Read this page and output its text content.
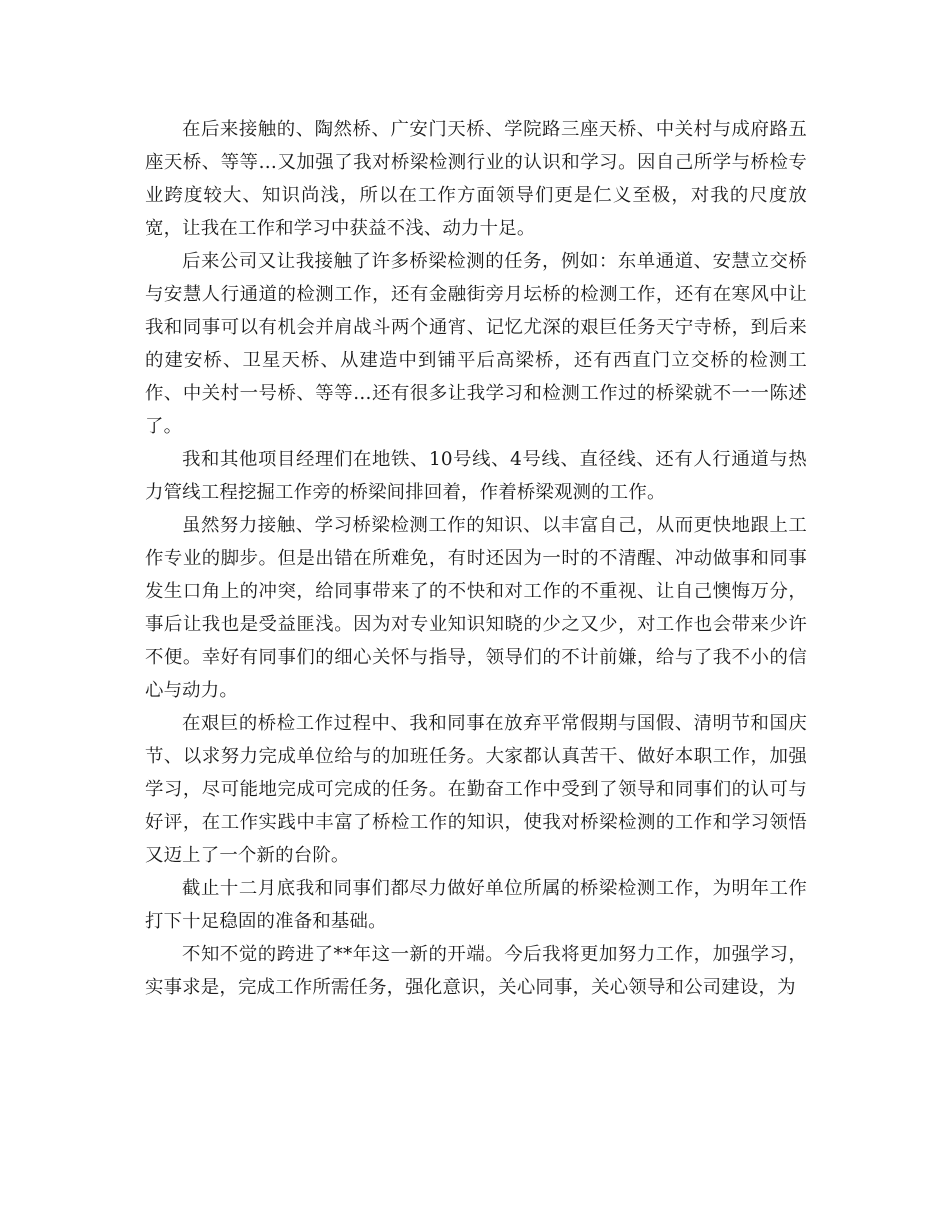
在后来接触的、陶然桥、广安门天桥、学院路三座天桥、中关村与成府路五座天桥、等等…又加强了我对桥梁检测行业的认识和学习。因自己所学与桥检专业跨度较大、知识尚浅，所以在工作方面领导们更是仁义至极，对我的尺度放宽，让我在工作和学习中获益不浅、动力十足。

后来公司又让我接触了许多桥梁检测的任务，例如：东单通道、安慧立交桥与安慧人行通道的检测工作，还有金融街旁月坛桥的检测工作，还有在寒风中让我和同事可以有机会并肩战斗两个通宵、记忆尤深的艰巨任务天宁寺桥，到后来的建安桥、卫星天桥、从建造中到铺平后高梁桥，还有西直门立交桥的检测工作、中关村一号桥、等等…还有很多让我学习和检测工作过的桥梁就不一一陈述了。

我和其他项目经理们在地铁、10号线、4号线、直径线、还有人行通道与热力管线工程挖掘工作旁的桥梁间排回着，作着桥梁观测的工作。

虽然努力接触、学习桥梁检测工作的知识、以丰富自己，从而更快地跟上工作专业的脚步。但是出错在所难免，有时还因为一时的不清醒、冲动做事和同事发生口角上的冲突，给同事带来了的不快和对工作的不重视、让自己懊悔万分，事后让我也是受益匪浅。因为对专业知识知晓的少之又少，对工作也会带来少许不便。幸好有同事们的细心关怀与指导，领导们的不计前嫌，给与了我不小的信心与动力。

在艰巨的桥检工作过程中、我和同事在放弃平常假期与国假、清明节和国庆节、以求努力完成单位给与的加班任务。大家都认真苦干、做好本职工作，加强学习，尽可能地完成可完成的任务。在勤奋工作中受到了领导和同事们的认可与好评，在工作实践中丰富了桥检工作的知识，使我对桥梁检测的工作和学习领悟又迈上了一个新的台阶。

截止十二月底我和同事们都尽力做好单位所属的桥梁检测工作，为明年工作打下十足稳固的准备和基础。

不知不觉的跨进了**年这一新的开端。今后我将更加努力工作，加强学习，实事求是，完成工作所需任务，强化意识，关心同事，关心领导和公司建设，为
